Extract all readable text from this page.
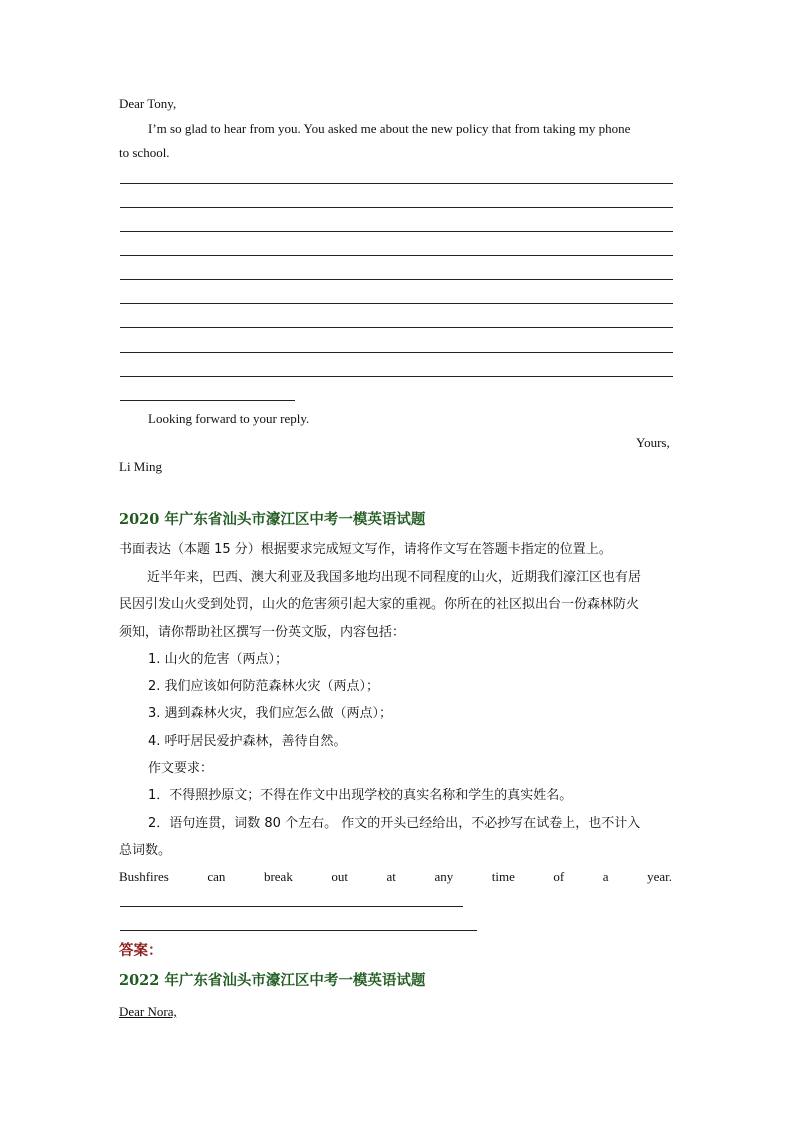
Dear Tony,
I’m so glad to hear from you. You asked me about the new policy that from taking my phone
to school.
Looking forward to your reply.
Yours,
Li Ming
2020 年广东省汕头市濠江区中考一模英语试题
书面表达（本题 15 分）根据要求完成短文写作，请将作文写在答题卡指定的位置上。
近半年来，巴西、澳大利亚及我国多地均出现不同程度的山火，近期我们濠江区也有居
民因引发山火受到处罚，山火的危害须引起大家的重视。你所在的社区拟出台一份森林防火
须知，请你帮助社区撰写一份英文版，内容包括：
1. 山火的危害（两点）；
2. 我们应该如何防范森林火灾（两点）；
3. 遇到森林火灾，我们应怎么做（两点）；
4. 呼吁居民爱护森林，善待自然。
作文要求：
1．不得照抄原文；不得在作文中出现学校的真实名称和学生的真实姓名。
2．语句连贯，词数 80 个左右。 作文的开头已经给出，不必抄写在试卷上，也不计入
总词数。
Bushfires	can	break	out	at	any	time	of	a	year.
答案：
2022 年广东省汕头市濠江区中考一模英语试题
Dear Nora,
